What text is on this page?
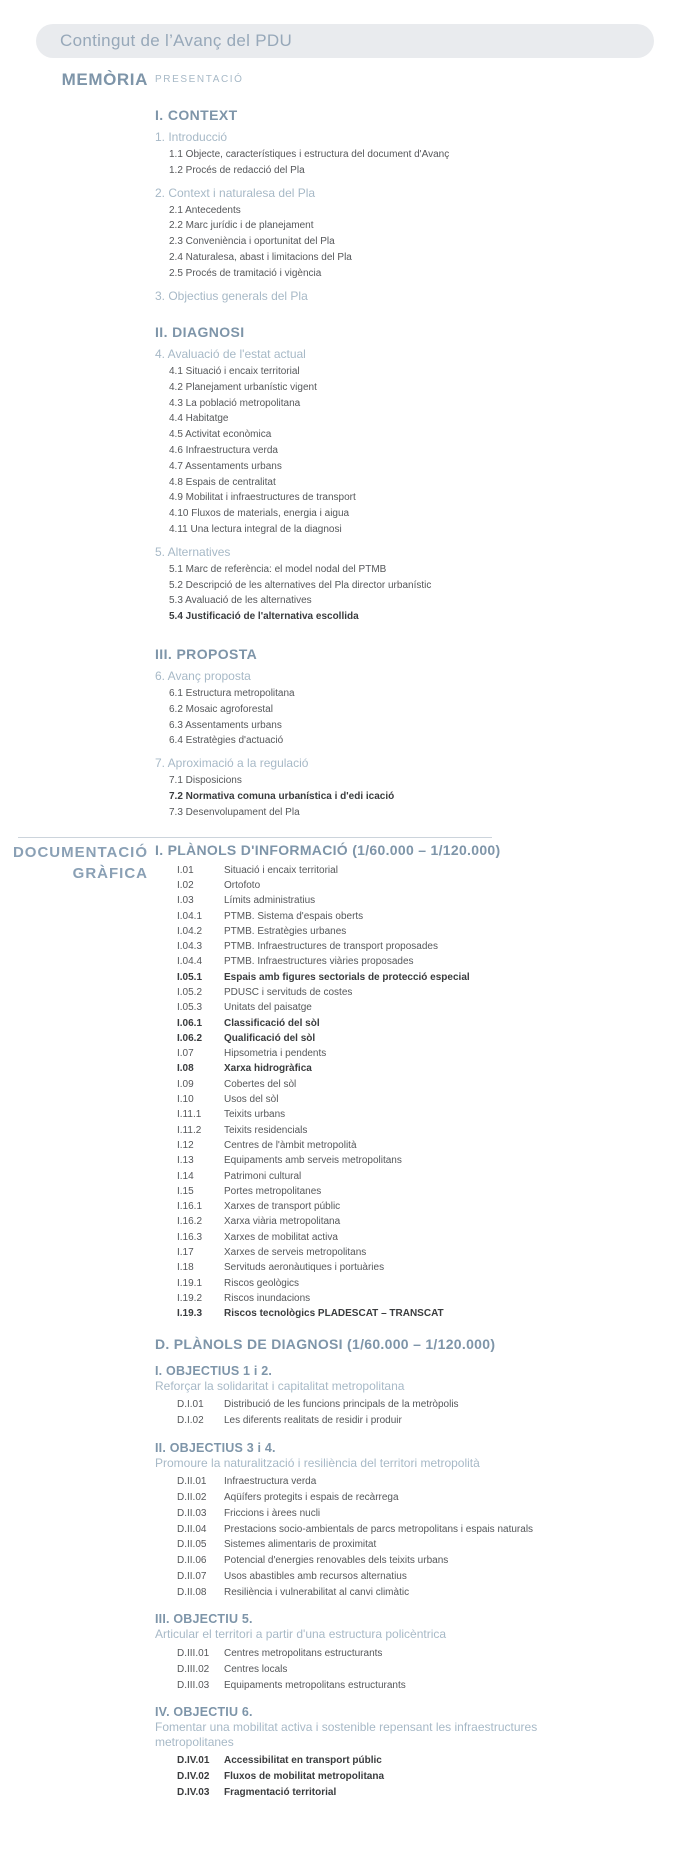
Contingut de l’Avanç del PDU
MEMÒRIA PRESENTACIÓ
I. CONTEXT
1. Introducció
1.1 Objecte, característiques i estructura del document d'Avanç
1.2 Procés de redacció del Pla
2. Context i naturalesa del Pla
2.1 Antecedents
2.2 Marc jurídic i de planejament
2.3 Conveniència i oportunitat del Pla
2.4 Naturalesa, abast i limitacions del Pla
2.5 Procés de tramitació i vigència
3. Objectius generals del Pla
II. DIAGNOSI
4. Avaluació de l'estat actual
4.1 Situació i encaix territorial
4.2 Planejament urbanístic vigent
4.3 La població metropolitana
4.4 Habitatge
4.5 Activitat econòmica
4.6 Infraestructura verda
4.7 Assentaments urbans
4.8 Espais de centralitat
4.9 Mobilitat i infraestructures de transport
4.10 Fluxos de materials, energia i aigua
4.11 Una lectura integral de la diagnosi
5. Alternatives
5.1 Marc de referència: el model nodal del PTMB
5.2 Descripció de les alternatives del Pla director urbanístic
5.3 Avaluació de les alternatives
5.4 Justificació de l'alternativa escollida
III. PROPOSTA
6. Avanç proposta
6.1 Estructura metropolitana
6.2 Mosaic agroforestal
6.3 Assentaments urbans
6.4 Estratègies d'actuació
7. Aproximació a la regulació
7.1 Disposicions
7.2 Normativa comuna urbanística i d'edi icació
7.3 Desenvolupament del Pla
DOCUMENTACIÓ
GRÀFICA
I. PLÀNOLS D'INFORMACIÓ (1/60.000 – 1/120.000)
I.01	Situació i encaix territorial
I.02	Ortofoto
I.03	Límits administratius
I.04.1	PTMB. Sistema d'espais oberts
I.04.2	PTMB. Estratègies urbanes
I.04.3	PTMB. Infraestructures de transport proposades
I.04.4	PTMB. Infraestructures viàries proposades
I.05.1	Espais amb figures sectorials de protecció especial
I.05.2	PDUSC i servituds de costes
I.05.3	Unitats del paisatge
I.06.1	Classificació del sòl
I.06.2	Qualificació del sòl
I.07	Hipsometria i pendents
I.08	Xarxa hidrogràfica
I.09	Cobertes del sòl
I.10	Usos del sòl
I.11.1	Teixits urbans
I.11.2	Teixits residencials
I.12	Centres de l'àmbit metropolità
I.13	Equipaments amb serveis metropolitans
I.14	Patrimoni cultural
I.15	Portes metropolitanes
I.16.1	Xarxes de transport públic
I.16.2	Xarxa viària metropolitana
I.16.3	Xarxes de mobilitat activa
I.17	Xarxes de serveis metropolitans
I.18	Servituds aeronàutiques i portuàries
I.19.1	Riscos geològics
I.19.2	Riscos inundacions
I.19.3	Riscos tecnològics PLADESCAT – TRANSCAT
D. PLÀNOLS DE DIAGNOSI (1/60.000 – 1/120.000)
I. OBJECTIUS 1 i 2.
Reforçar la solidaritat i capitalitat metropolitana
D.I.01	Distribució de les funcions principals de la metròpolis
D.I.02	Les diferents realitats de residir i produir
II. OBJECTIUS 3 i 4.
Promoure la naturalització i resiliència del territori metropolità
D.II.01	Infraestructura verda
D.II.02	Aqüífers protegits i espais de recàrrega
D.II.03	Friccions i àrees nucli
D.II.04	Prestacions socio-ambientals de parcs metropolitans i espais naturals
D.II.05	Sistemes alimentaris de proximitat
D.II.06	Potencial d'energies renovables dels teixits urbans
D.II.07	Usos abastibles amb recursos alternatius
D.II.08	Resiliència i vulnerabilitat al canvi climàtic
III. OBJECTIU 5.
Articular el territori a partir d'una estructura policèntrica
D.III.01	Centres metropolitans estructurants
D.III.02	Centres locals
D.III.03	Equipaments metropolitans estructurants
IV. OBJECTIU 6.
Fomentar una mobilitat activa i sostenible repensant les infraestructures metropolitanes
D.IV.01	Accessibilitat en transport públic
D.IV.02	Fluxos de mobilitat metropolitana
D.IV.03	Fragmentació territorial
